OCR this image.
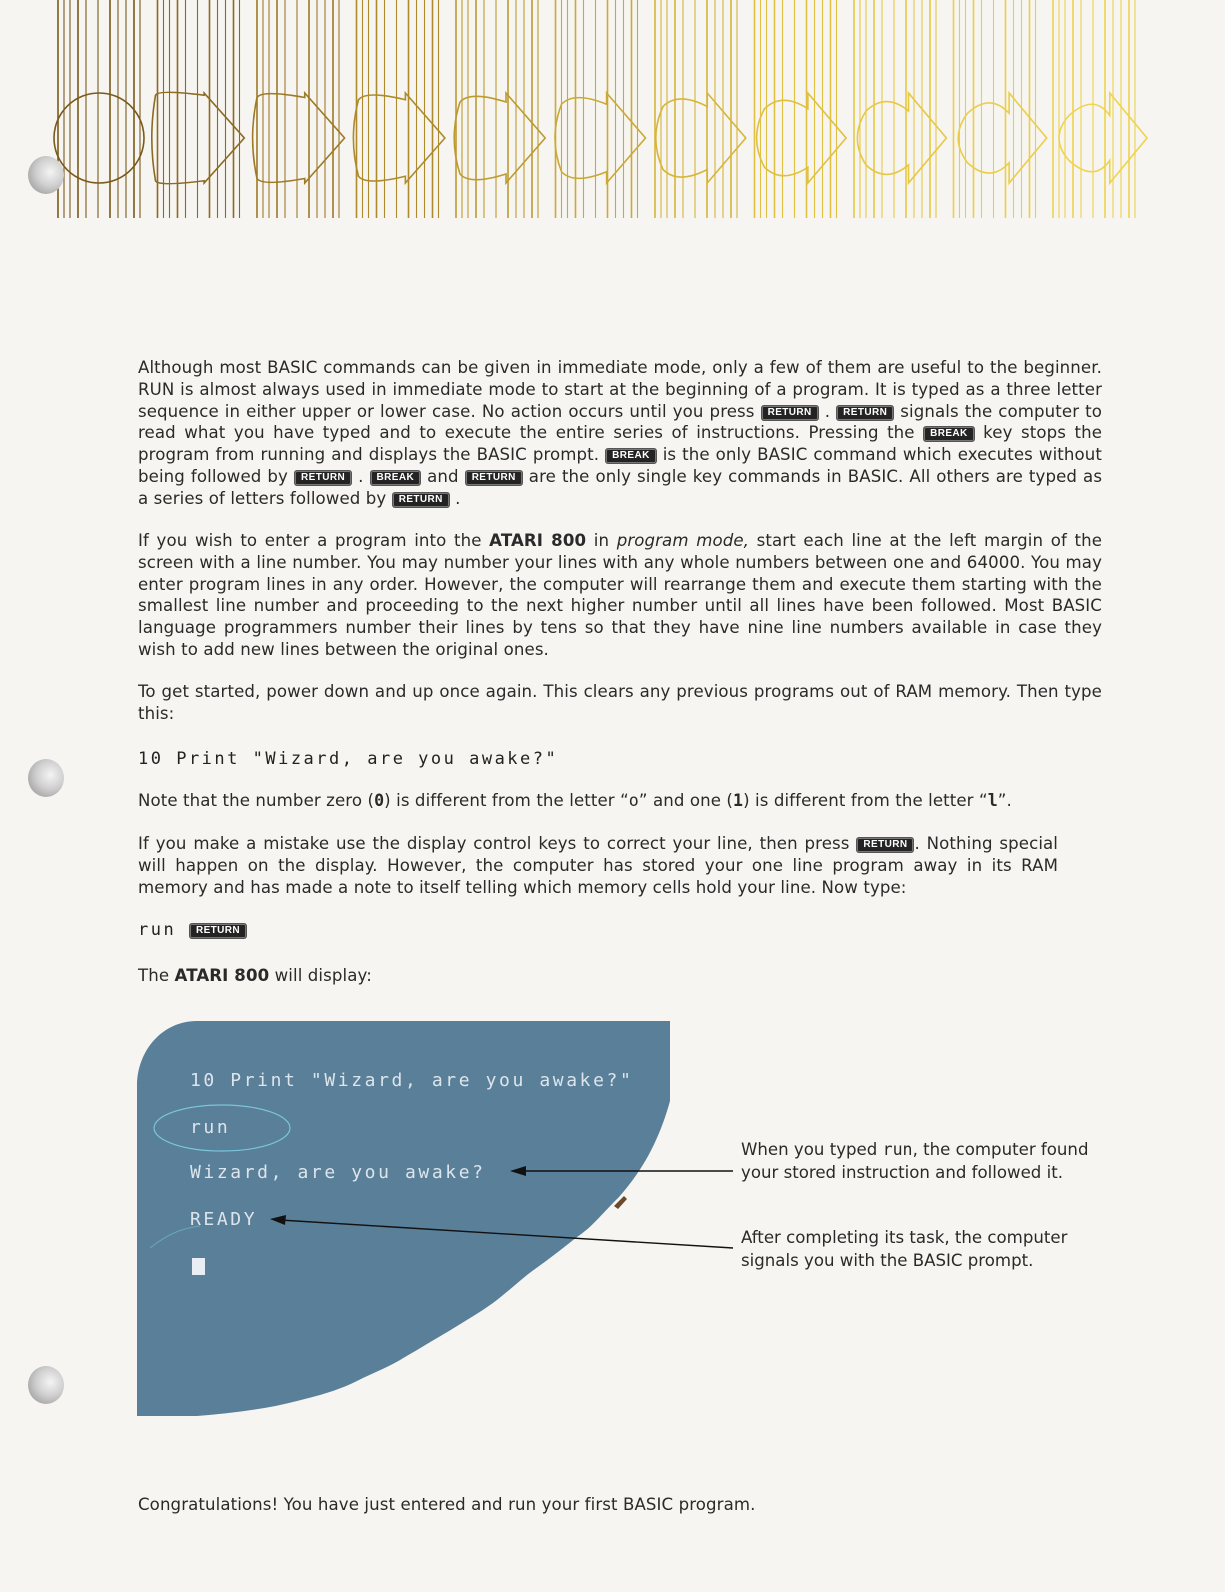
Although most BASIC commands can be given in immediate mode, only a few of them are useful to the beginner. RUN is almost always used in immediate mode to start at the beginning of a program. It is typed as a three letter sequence in either upper or lower case. No action occurs until you press RETURN . RETURN signals the computer to read what you have typed and to execute the entire series of instructions. Pressing the BREAK key stops the program from running and displays the BASIC prompt. BREAK is the only BASIC command which executes without being followed by RETURN . BREAK and RETURN are the only single key commands in BASIC. All others are typed as a series of letters followed by RETURN .

If you wish to enter a program into the ATARI 800 in program mode, start each line at the left margin of the screen with a line number. You may number your lines with any whole numbers between one and 64000. You may enter program lines in any order. However, the computer will rearrange them and execute them starting with the smallest line number and proceeding to the next higher number until all lines have been followed. Most BASIC language programmers number their lines by tens so that they have nine line numbers available in case they wish to add new lines between the original ones.

To get started, power down and up once again. This clears any previous programs out of RAM memory. Then type this:

10 Print "Wizard, are you awake?"

Note that the number zero (0) is different from the letter “o” and one (1) is different from the letter “l”.

If you make a mistake use the display control keys to correct your line, then press RETURN . Nothing special will happen on the display. However, the computer has stored your one line program away in its RAM memory and has made a note to itself telling which memory cells hold your line. Now type:

run RETURN

The ATARI 800 will display:

10 Print "Wizard, are you awake?"
run
Wizard, are you awake?
READY
When you typed run, the computer found your stored instruction and followed it.
After completing its task, the computer signals you with the BASIC prompt.

Congratulations! You have just entered and run your first BASIC program.
